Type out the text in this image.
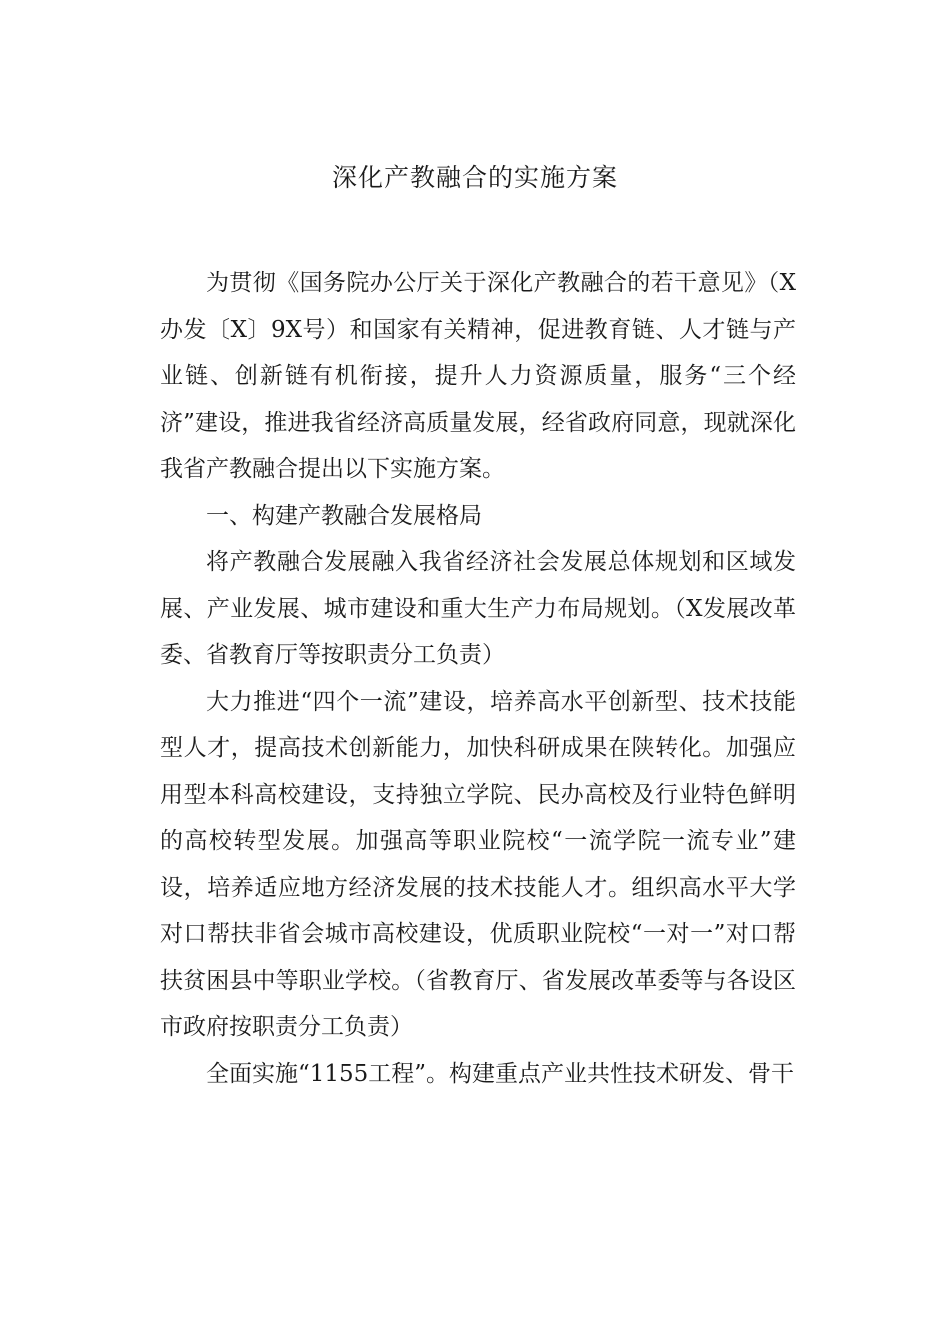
深化产教融合的实施方案

为贯彻《国务院办公厅关于深化产教融合的若干意见》（X办发〔X〕9X号）和国家有关精神，促进教育链、人才链与产业链、创新链有机衔接，提升人力资源质量，服务“三个经济”建设，推进我省经济高质量发展，经省政府同意，现就深化我省产教融合提出以下实施方案。

一、构建产教融合发展格局

将产教融合发展融入我省经济社会发展总体规划和区域发展、产业发展、城市建设和重大生产力布局规划。（X发展改革委、省教育厅等按职责分工负责）

大力推进“四个一流”建设，培养高水平创新型、技术技能型人才，提高技术创新能力，加快科研成果在陕转化。加强应用型本科高校建设，支持独立学院、民办高校及行业特色鲜明的高校转型发展。加强高等职业院校“一流学院一流专业”建设，培养适应地方经济发展的技术技能人才。组织高水平大学对口帮扶非省会城市高校建设，优质职业院校“一对一”对口帮扶贫困县中等职业学校。（省教育厅、省发展改革委等与各设区市政府按职责分工负责）

全面实施“1155工程”。构建重点产业共性技术研发、骨干
